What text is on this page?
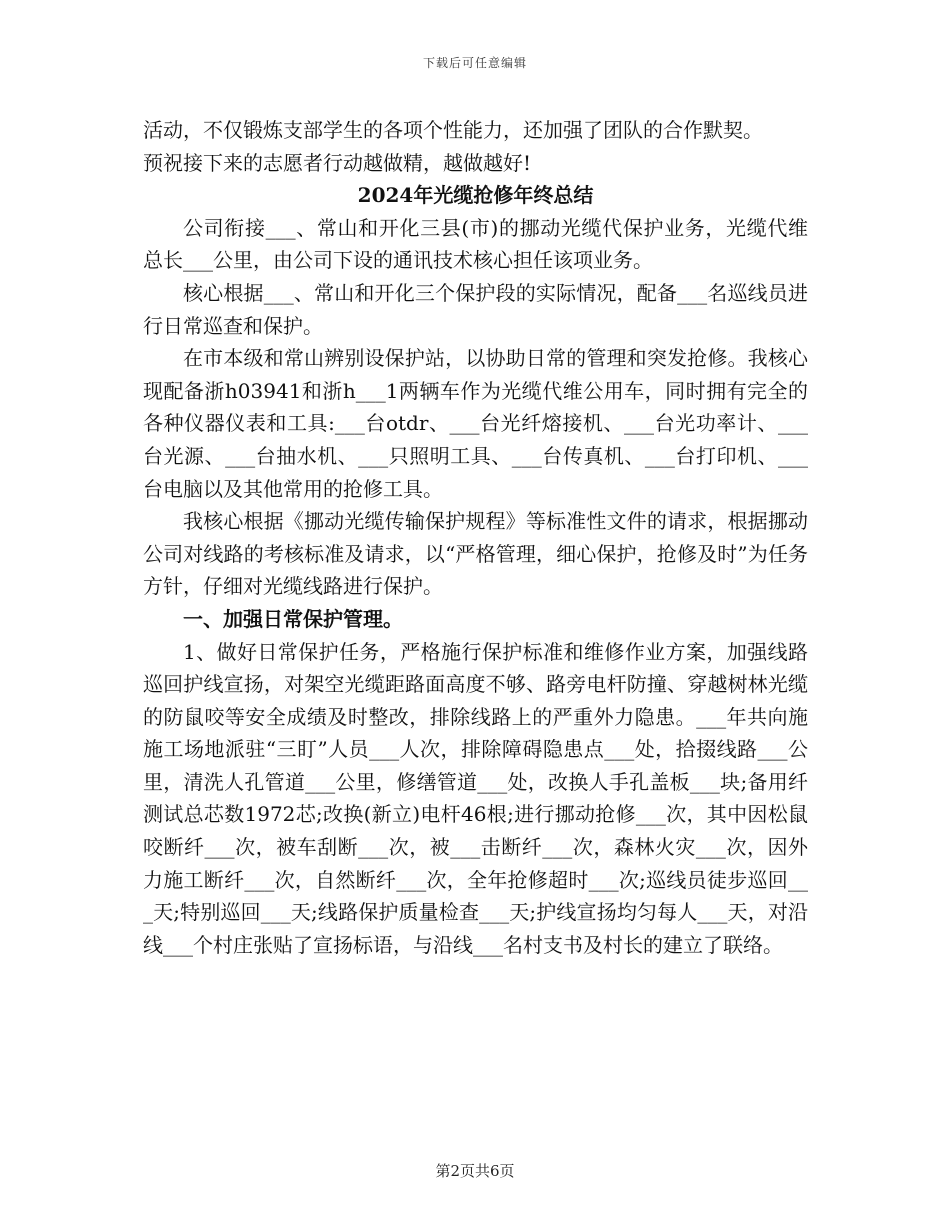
下载后可任意编辑

活动，不仅锻炼支部学生的各项个性能力，还加强了团队的合作默契。

预祝接下来的志愿者行动越做精，越做越好!

2024年光缆抢修年终总结

公司衔接___、常山和开化三县(市)的挪动光缆代保护业务，光缆代维总长___公里，由公司下设的通讯技术核心担任该项业务。

核心根据___、常山和开化三个保护段的实际情况，配备___名巡线员进行日常巡查和保护。

在市本级和常山辨别设保护站，以协助日常的管理和突发抢修。我核心现配备浙h03941和浙h___1两辆车作为光缆代维公用车，同时拥有完全的各种仪器仪表和工具:___台otdr、___台光纤熔接机、___台光功率计、___台光源、___台抽水机、___只照明工具、___台传真机、___台打印机、___台电脑以及其他常用的抢修工具。

我核心根据《挪动光缆传输保护规程》等标准性文件的请求，根据挪动公司对线路的考核标准及请求，以“严格管理，细心保护，抢修及时”为任务方针，仔细对光缆线路进行保护。

一、加强日常保护管理。

1、做好日常保护任务，严格施行保护标准和维修作业方案，加强线路巡回护线宣扬，对架空光缆距路面高度不够、路旁电杆防撞、穿越树林光缆的防鼠咬等安全成绩及时整改，排除线路上的严重外力隐患。___年共向施施工场地派驻“三盯”人员___人次，排除障碍隐患点___处，拾掇线路___公里，清洗人孔管道___公里，修缮管道___处，改换人手孔盖板___块;备用纤测试总芯数1972芯;改换(新立)电杆46根;进行挪动抢修___次，其中因松鼠咬断纤___次，被车刮断___次，被___击断纤___次，森林火灾___次，因外力施工断纤___次，自然断纤___次，全年抢修超时___次;巡线员徒步巡回___天;特别巡回___天;线路保护质量检查___天;护线宣扬均匀每人___天，对沿线___个村庄张贴了宣扬标语，与沿线___名村支书及村长的建立了联络。

第2页共6页
